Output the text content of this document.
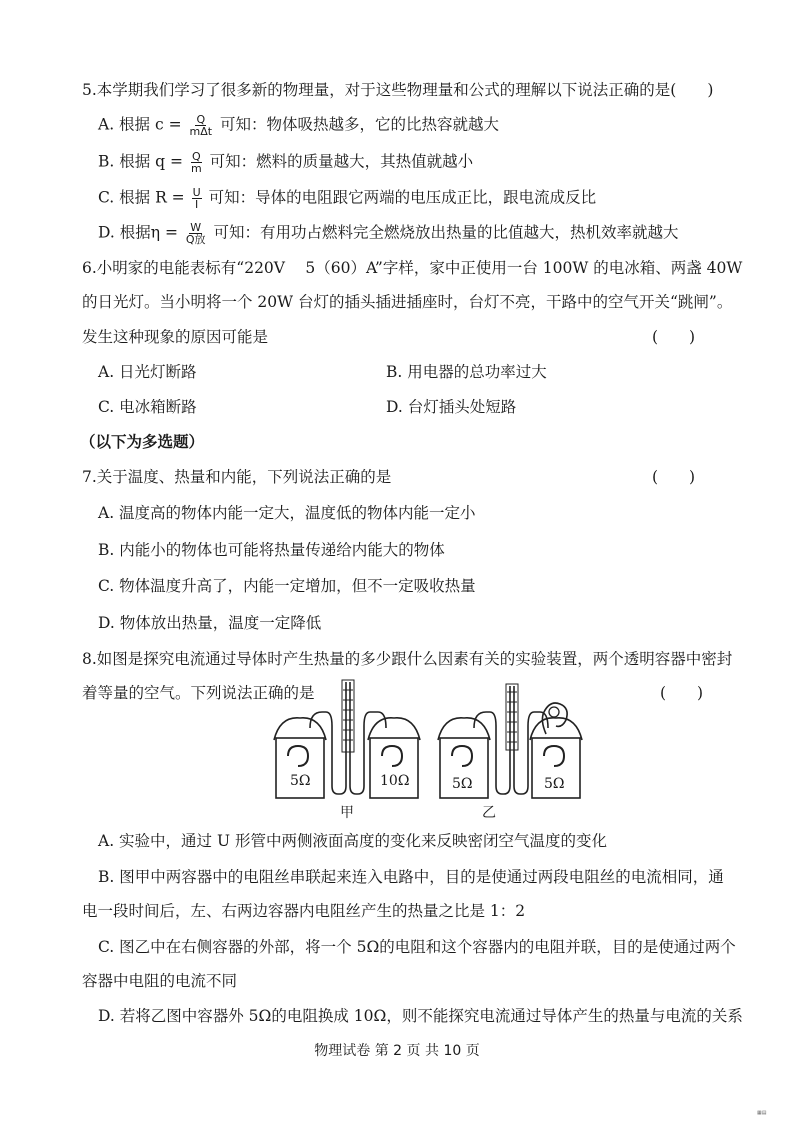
5.本学期我们学习了很多新的物理量，对于这些物理量和公式的理解以下说法正确的是(　　)
A. 根据 $c = \frac{Q}{\text{mΔt}}$ 可知：物体吸热越多，它的比热容就越大
B. 根据 $q = \frac{Q}{m}$ 可知：燃料的质量越大，其热值就越小
C. 根据 $R = \frac{U}{I}$ 可知：导体的电阻跟它两端的电压成正比，跟电流成反比
D. 根据$\eta = \frac{W}{\text{Q放}}$ 可知：有用功占燃料完全燃烧放出热量的比值越大，热机效率就越大
6.小明家的电能表标有“220V　 5（60）A”字样，家中正使用一台 100W 的电冰箱、两盏 40W
的日光灯。当小明将一个 20W 台灯的插头插进插座时，台灯不亮，干路中的空气开关“跳闸”。
发生这种现象的原因可能是	(　　)
A. 日光灯断路	B. 用电器的总功率过大
C. 电冰箱断路	D. 台灯插头处短路
（以下为多选题）
7.关于温度、热量和内能，下列说法正确的是	(　　)
A. 温度高的物体内能一定大，温度低的物体内能一定小
B. 内能小的物体也可能将热量传递给内能大的物体
C. 物体温度升高了，内能一定增加，但不一定吸收热量
D. 物体放出热量，温度一定降低
8.如图是探究电流通过导体时产生热量的多少跟什么因素有关的实验装置，两个透明容器中密封
着等量的空气。下列说法正确的是	(　　)
5Ω	10Ω
甲
5Ω	5Ω
乙
A. 实验中，通过 U 形管中两侧液面高度的变化来反映密闭空气温度的变化
B. 图甲中两容器中的电阻丝串联起来连入电路中，目的是使通过两段电阻丝的电流相同，通
电一段时间后，左、右两边容器内电阻丝产生的热量之比是 1：2
C. 图乙中在右侧容器的外部，将一个 5Ω的电阻和这个容器内的电阻并联，目的是使通过两个
容器中电阻的电流不同
D. 若将乙图中容器外 5Ω的电阻换成 10Ω，则不能探究电流通过导体产生的热量与电流的关系
物理试卷 第 2 页 共 10 页
▦▤
